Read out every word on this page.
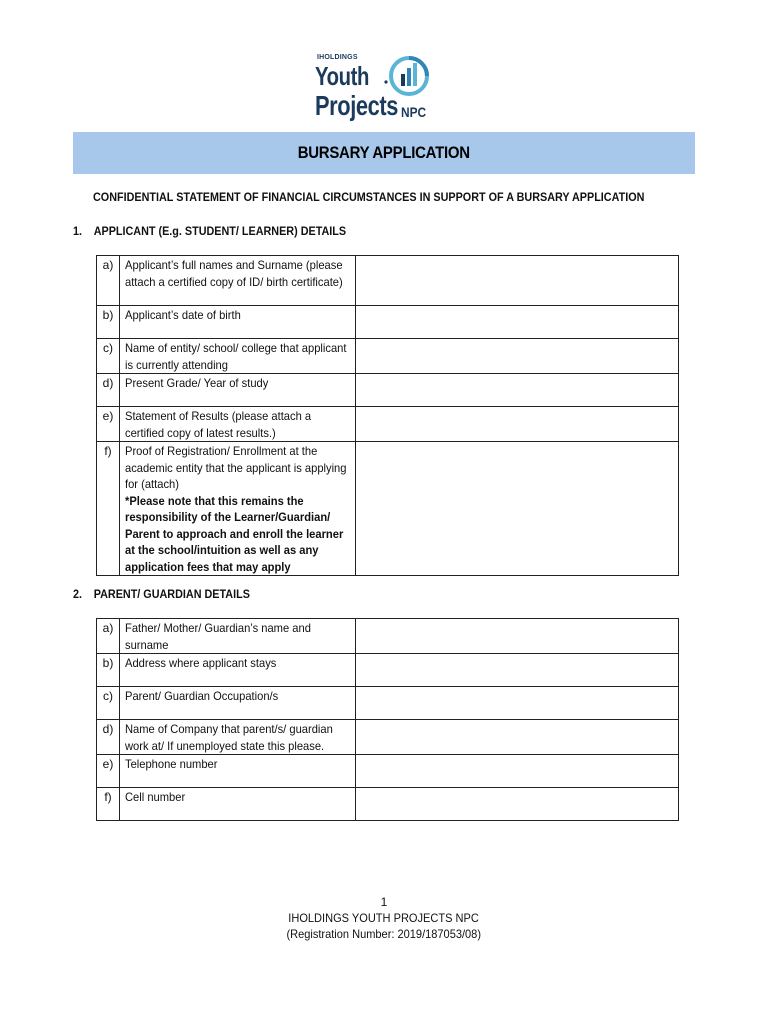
IHOLDINGS
Youth
Projects NPC
BURSARY APPLICATION
CONFIDENTIAL STATEMENT OF FINANCIAL CIRCUMSTANCES IN SUPPORT OF A BURSARY APPLICATION
1. APPLICANT (E.g. STUDENT/ LEARNER) DETAILS
a)	Applicant’s full names and Surname (please attach a certified copy of ID/ birth certificate)	

b)	Applicant’s date of birth	

c)	Name of entity/ school/ college that applicant is currently attending	

d)	Present Grade/ Year of study	

e)	Statement of Results (please attach a certified copy of latest results.)	

f)	Proof of Registration/ Enrollment at the academic entity that the applicant is applying for (attach)
*Please note that this remains the responsibility of the Learner/Guardian/ Parent to approach and enroll the learner at the school/intuition as well as any application fees that may apply	

2. PARENT/ GUARDIAN DETAILS
a)	Father/ Mother/ Guardian’s name and surname	

b)	Address where applicant stays	

c)	Parent/ Guardian Occupation/s	

d)	Name of Company that parent/s/ guardian work at/ If unemployed state this please.	

e)	Telephone number	

f)	Cell number	

1
IHOLDINGS YOUTH PROJECTS NPC
(Registration Number: 2019/187053/08)
